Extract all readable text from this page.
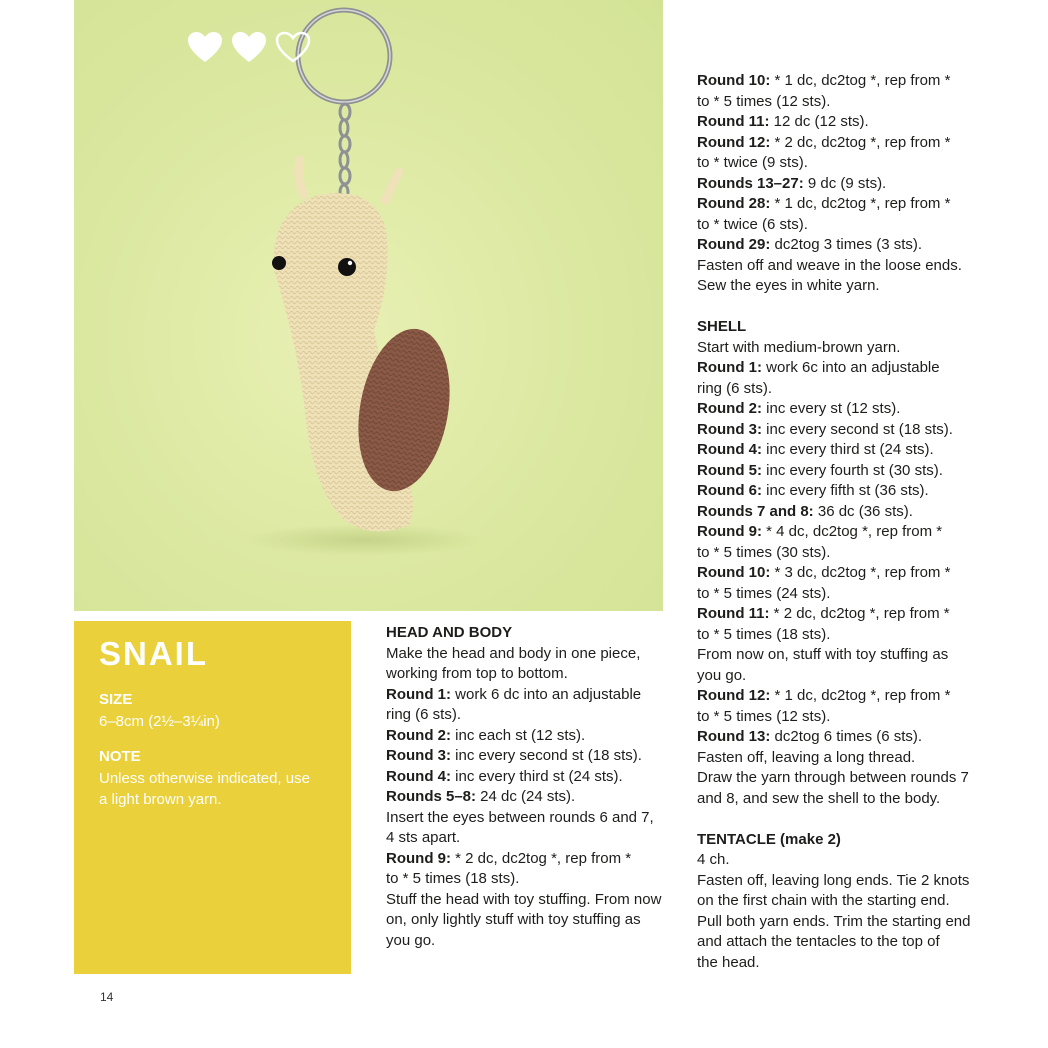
SNAIL
SIZE
6–8cm (2½–3¼in)
NOTE
Unless otherwise indicated, use
a light brown yarn.
HEAD AND BODY

Make the head and body in one piece,

working from top to bottom.

Round 1: work 6 dc into an adjustable

ring (6 sts).

Round 2: inc each st (12 sts).

Round 3: inc every second st (18 sts).

Round 4: inc every third st (24 sts).

Rounds 5–8: 24 dc (24 sts).

Insert the eyes between rounds 6 and 7,

4 sts apart.

Round 9: * 2 dc, dc2tog *, rep from *

to * 5 times (18 sts).

Stuff the head with toy stuffing. From now

on, only lightly stuff with toy stuffing as

you go.

Round 10: * 1 dc, dc2tog *, rep from *

to * 5 times (12 sts).

Round 11: 12 dc (12 sts).

Round 12: * 2 dc, dc2tog *, rep from *

to * twice (9 sts).

Rounds 13–27: 9 dc (9 sts).

Round 28: * 1 dc, dc2tog *, rep from *

to * twice (6 sts).

Round 29: dc2tog 3 times (3 sts).

Fasten off and weave in the loose ends.

Sew the eyes in white yarn.

SHELL

Start with medium-brown yarn.

Round 1: work 6c into an adjustable

ring (6 sts).

Round 2: inc every st (12 sts).

Round 3: inc every second st (18 sts).

Round 4: inc every third st (24 sts).

Round 5: inc every fourth st (30 sts).

Round 6: inc every fifth st (36 sts).

Rounds 7 and 8: 36 dc (36 sts).

Round 9: * 4 dc, dc2tog *, rep from *

to * 5 times (30 sts).

Round 10: * 3 dc, dc2tog *, rep from *

to * 5 times (24 sts).

Round 11: * 2 dc, dc2tog *, rep from *

to * 5 times (18 sts).

From now on, stuff with toy stuffing as

you go.

Round 12: * 1 dc, dc2tog *, rep from *

to * 5 times (12 sts).

Round 13: dc2tog 6 times (6 sts).

Fasten off, leaving a long thread.

Draw the yarn through between rounds 7

and 8, and sew the shell to the body.

TENTACLE (make 2)

4 ch.

Fasten off, leaving long ends. Tie 2 knots

on the first chain with the starting end.

Pull both yarn ends. Trim the starting end

and attach the tentacles to the top of

the head.

14
